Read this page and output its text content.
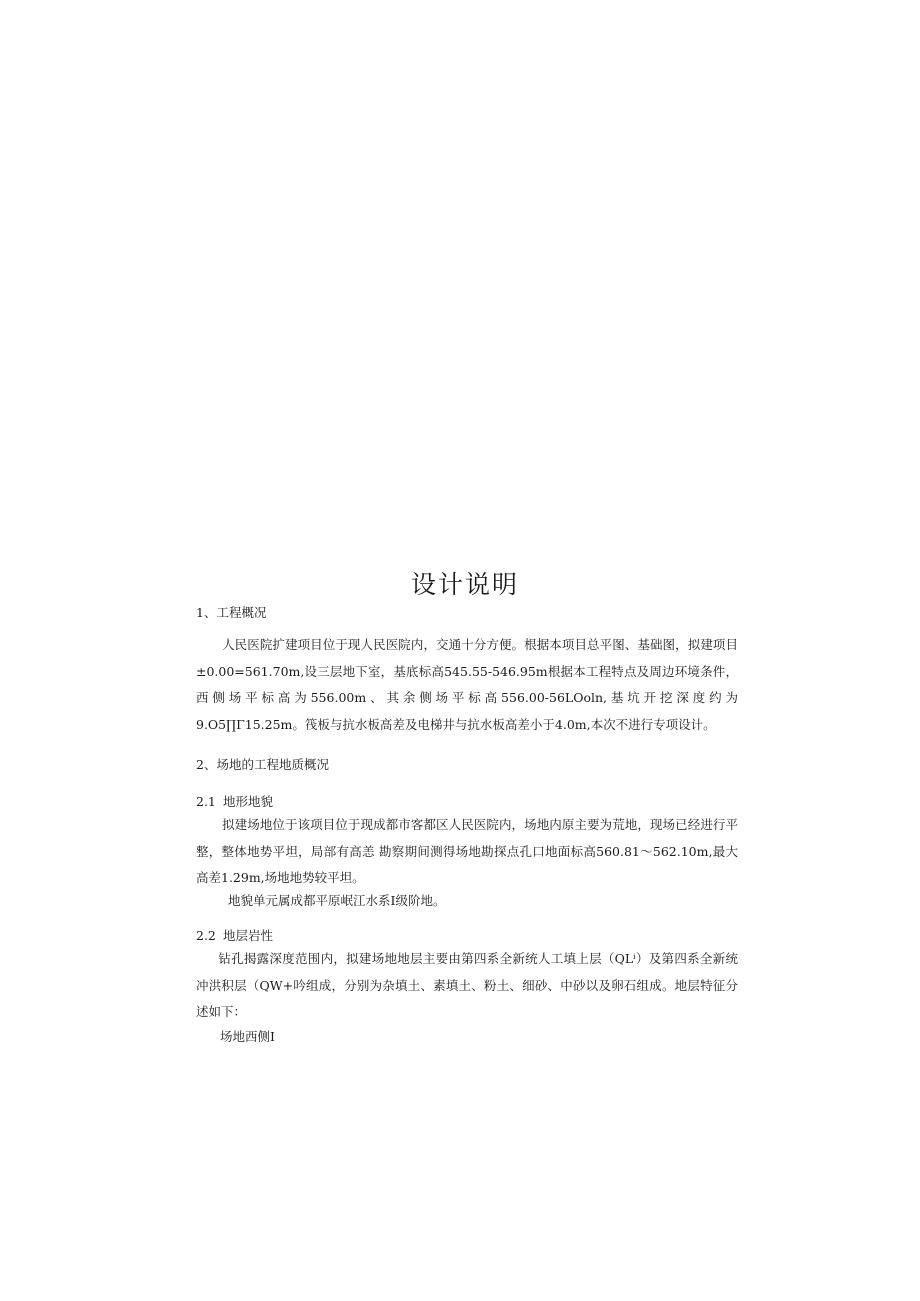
设计说明
1、工程概况

人民医院扩建项目位于现人民医院内，交通十分方便。根据本项目总平图、基础图，拟建项目±0.00=561.70m,设三层地下室，基底标高545.55-546.95m根据本工程特点及周边环境条件，西侧场平标高为556.00m、其余侧场平标高556.00-56LOoln,基坑开挖深度约为9.O5∏Γ15.25m。筏板与抗水板高差及电梯井与抗水板高差小于4.0m,本次不进行专项设计。

2、场地的工程地质概况
2.1 地形地貌

拟建场地位于该项目位于现成都市客都区人民医院内，场地内原主要为荒地，现场已经进行平整，整体地势平坦，局部有高恙 勘察期间测得场地勘探点孔口地面标高560.81～562.10m,最大高差1.29m,场地地势较平坦。

地貌单元属成都平原岷江水系Ⅰ级阶地。
2.2 地层岩性

钻孔揭露深度范围内，拟建场地地层主要由第四系全新统人工填上层（QLⁱ）及第四系全新统冲洪积层（QW+吟组成，分别为杂填土、素填土、粉土、细砂、中砂以及卵石组成。地层特征分述如下：

场地西侧Ⅰ
